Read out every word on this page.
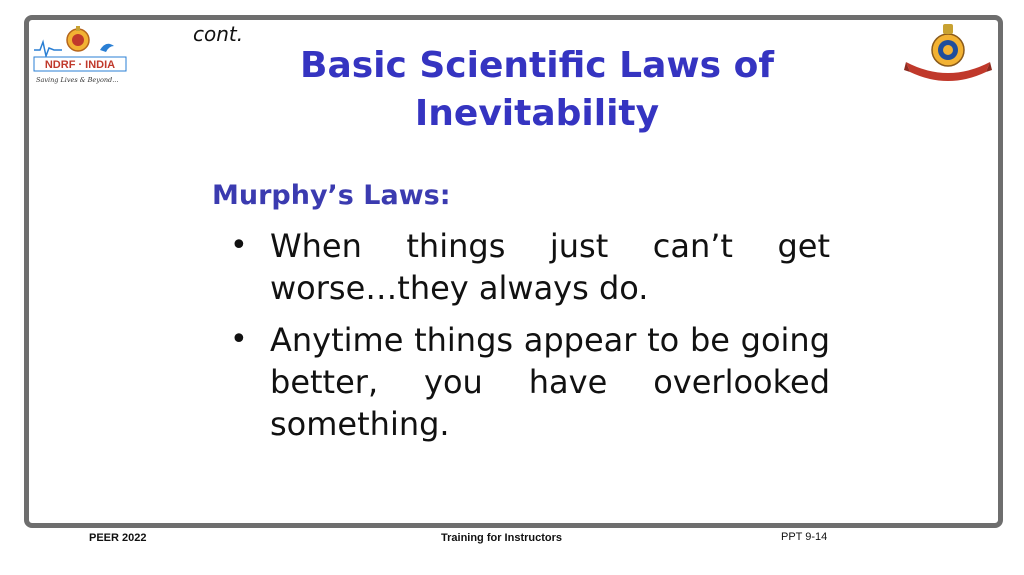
NDRF · INDIA
Saving Lives & Beyond...
cont.
Basic Scientific Laws of Inevitability
Murphy’s Laws:
• When things just can’t get worse…they always do.
• Anytime things appear to be going better, you have overlooked something.
PEER 2022	Training for Instructors	PPT 9-14
